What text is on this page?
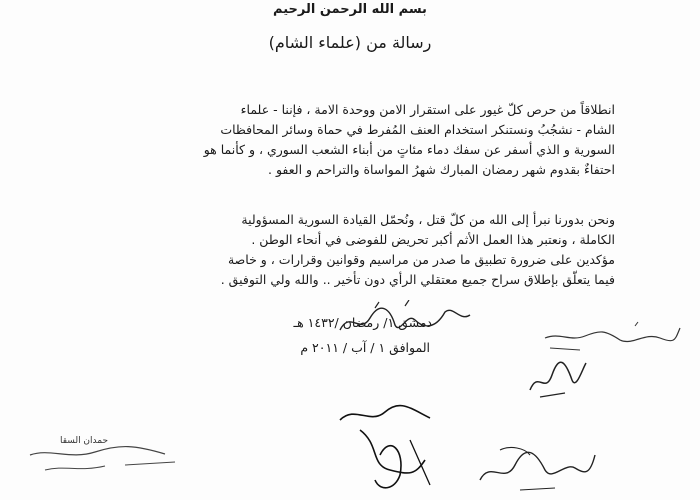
بسم الله الرحمن الرحيم
رسالة من (علماء الشام)
انطلاقاً من حرص كلّ غيور على استقرار الامن ووحدة الامة ، فإننا - علماء
الشام - نشجُبُ ونستنكر استخدام العنف المُفرط في حماة وسائر المحافظات
السورية و الذي أسفر عن سفك دماء مئاتٍ من أبناء الشعب السوري ، و كأنما هو
احتفاءٌ بقدوم شهر رمضان المبارك شهرُ المواساة والتراحم و العفو .
ونحن بدورنا نبرأ إلى الله من كلّ قتل ، ونُحمّل القيادة السورية المسؤولية
الكاملة ، ونعتبر هذا العمل الأثم أكبر تحريض للفوضى في أنحاء الوطن .
مؤكدين على ضرورة تطبيق ما صدر من مراسيم وقوانين وقرارات ، و خاصة
فيما يتعلّق بإطلاق سراح جميع معتقلي الرأي دون تأخير .. والله ولي التوفيق .
دمشق ١/ رمضان /١٤٣٢ هـ
الموافق ١ / آب / ٢٠١١ م
حمدان السقا
